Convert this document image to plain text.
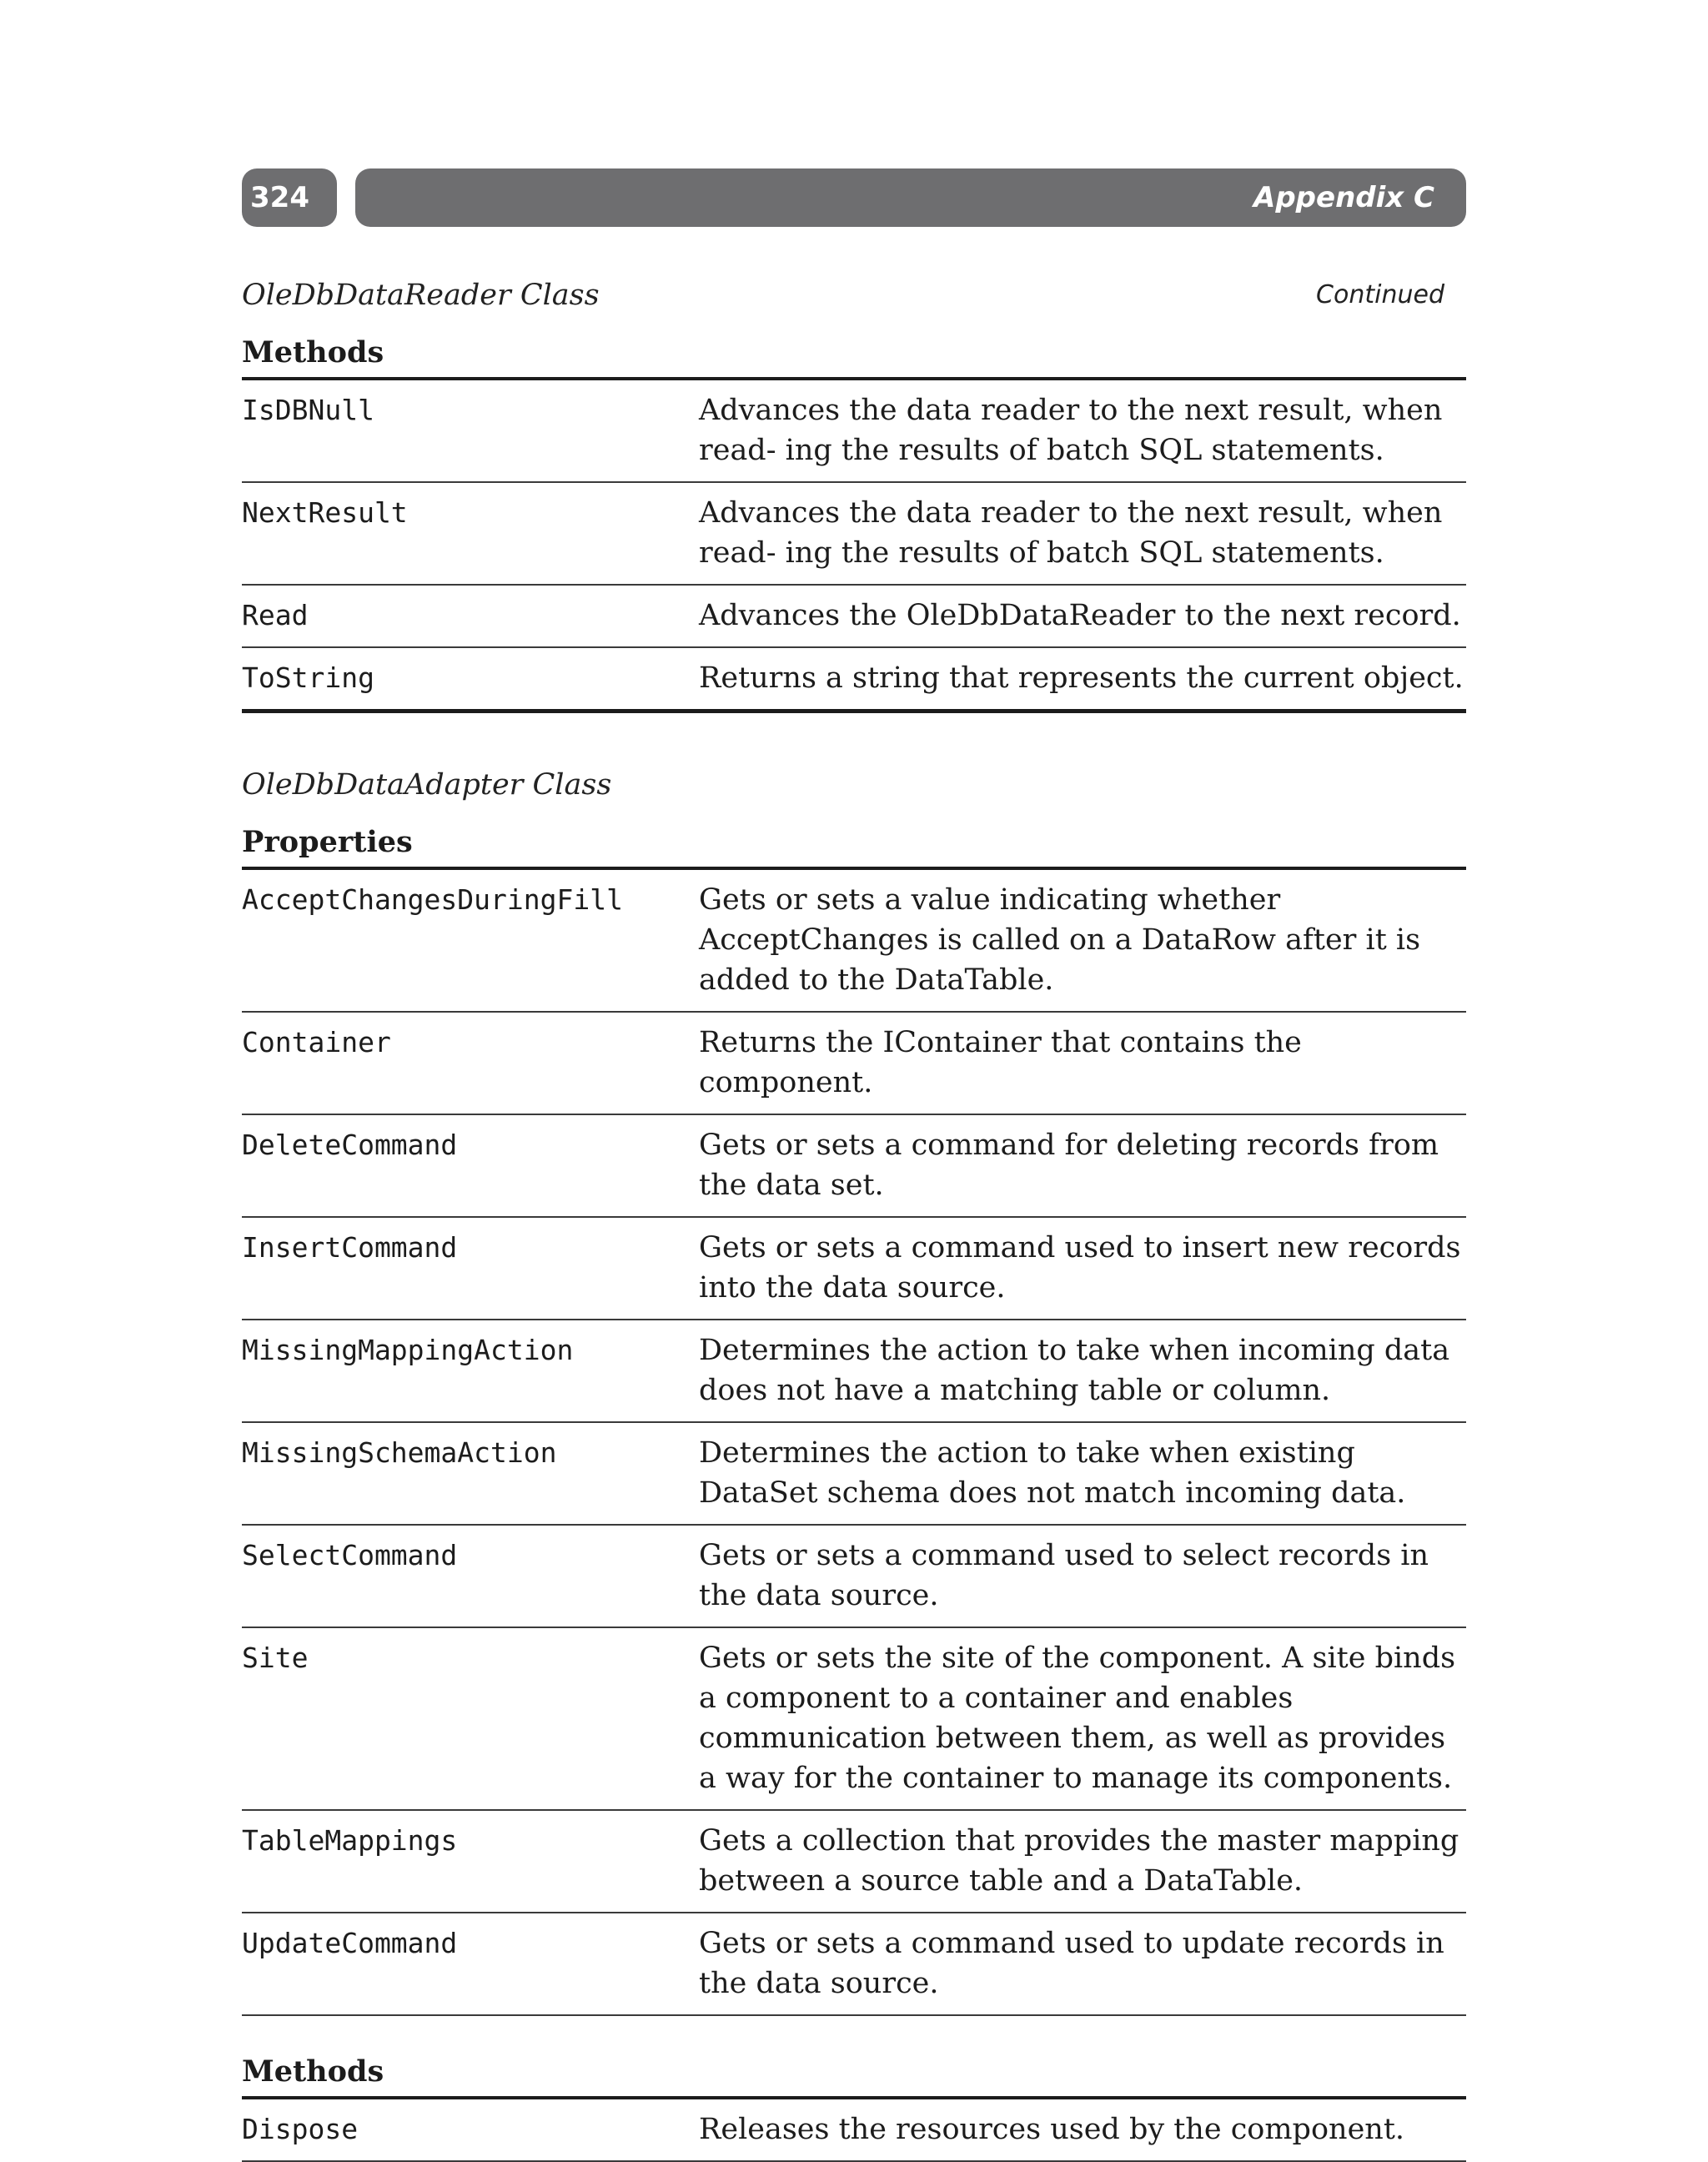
324	Appendix C
OleDbDataReader Class	Continued
Methods
IsDBNull	Advances the data reader to the next result, when read- ing the results of batch SQL statements.
NextResult	Advances the data reader to the next result, when read- ing the results of batch SQL statements.
Read	Advances the OleDbDataReader to the next record.
ToString	Returns a string that represents the current object.
OleDbDataAdapter Class
Properties
AcceptChangesDuringFill	Gets or sets a value indicating whether AcceptChanges is called on a DataRow after it is added to the DataTable.
Container	Returns the IContainer that contains the component.
DeleteCommand	Gets or sets a command for deleting records from the data set.
InsertCommand	Gets or sets a command used to insert new records into the data source.
MissingMappingAction	Determines the action to take when incoming data does not have a matching table or column.
MissingSchemaAction	Determines the action to take when existing DataSet schema does not match incoming data.
SelectCommand	Gets or sets a command used to select records in the data source.
Site	Gets or sets the site of the component. A site binds a component to a container and enables communication between them, as well as provides a way for the container to manage its components.
TableMappings	Gets a collection that provides the master mapping between a source table and a DataTable.
UpdateCommand	Gets or sets a command used to update records in the data source.
Methods
Dispose	Releases the resources used by the component.
